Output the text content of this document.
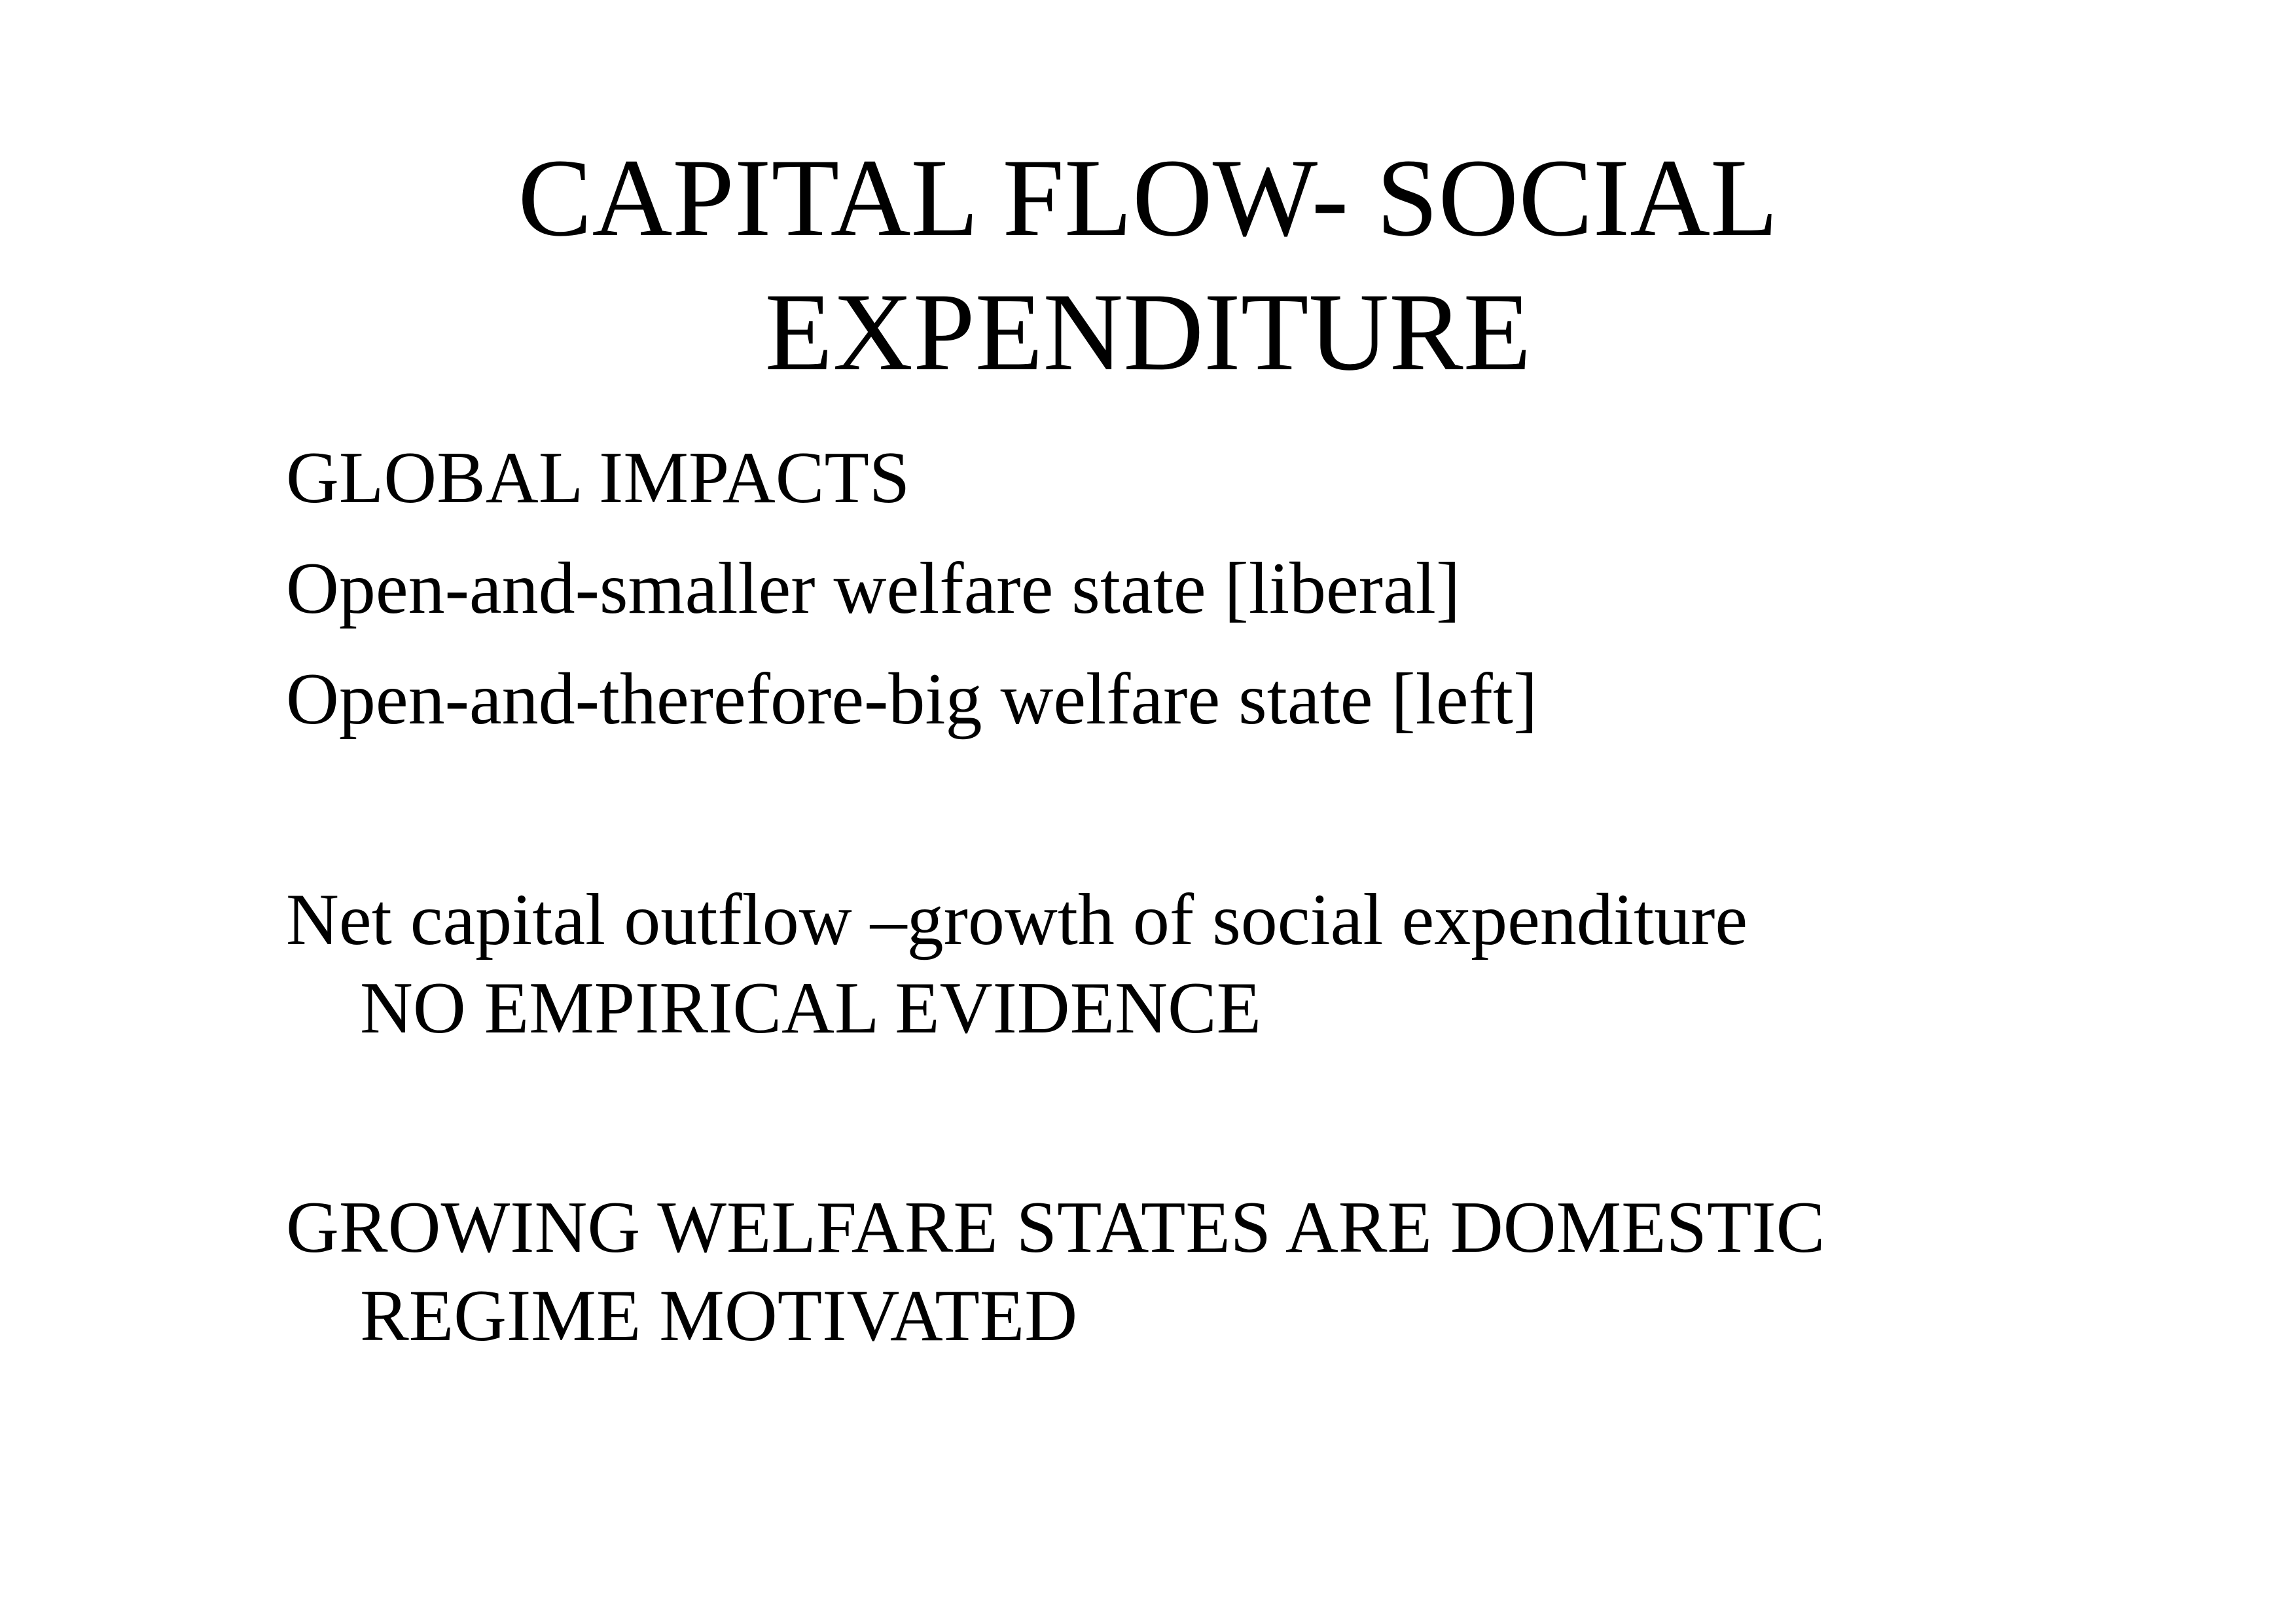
CAPITAL FLOW- SOCIAL
EXPENDITURE
GLOBAL IMPACTS
Open-and-smaller welfare state [liberal]
Open-and-therefore-big welfare state [left]
Net capital outflow –growth of social expenditure
NO EMPIRICAL EVIDENCE
GROWING WELFARE STATES ARE DOMESTIC
REGIME MOTIVATED
